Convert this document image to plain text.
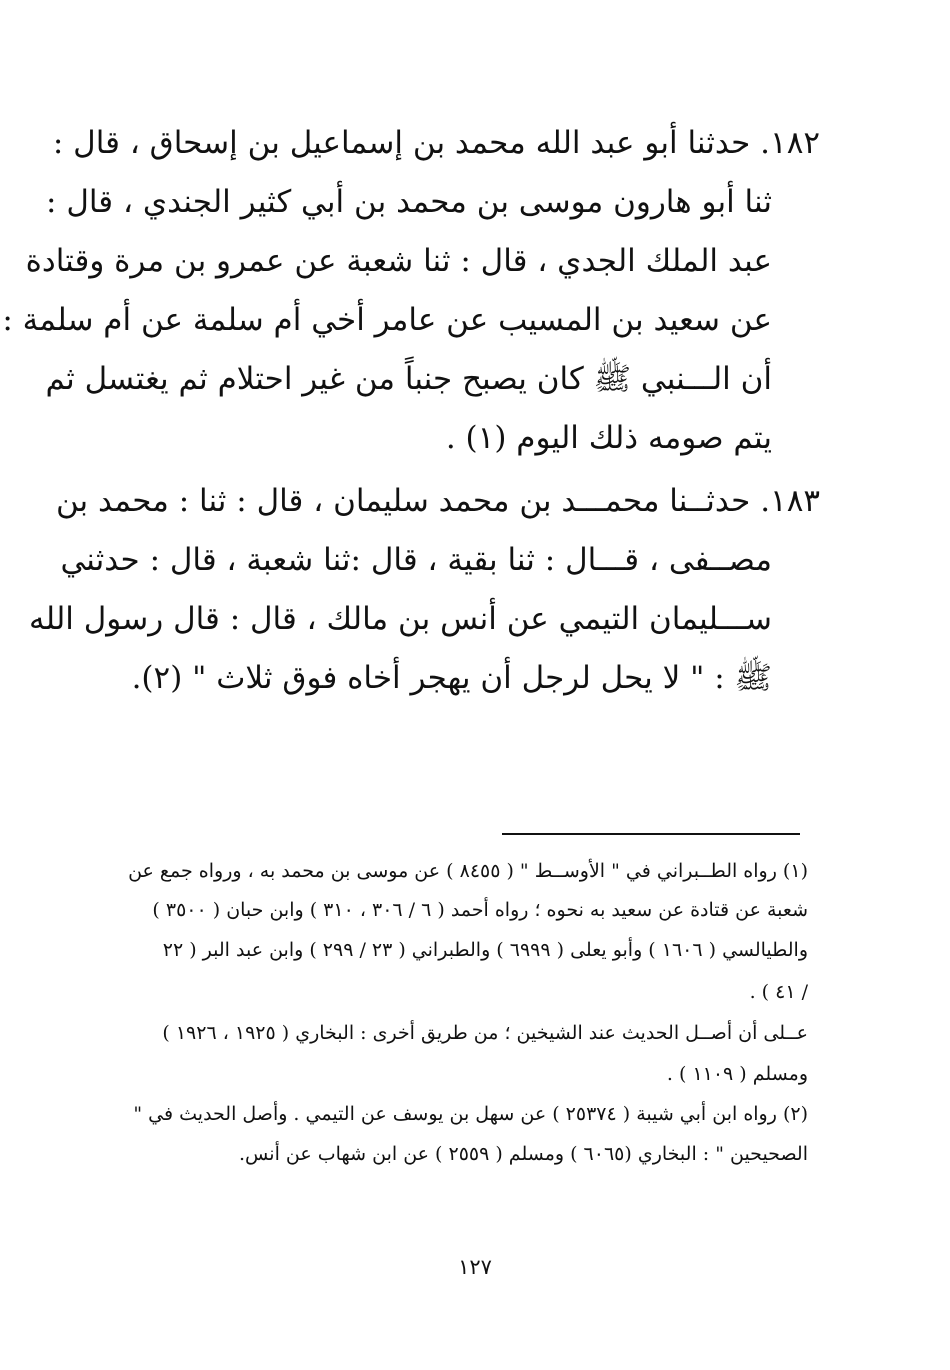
١٨٢. حدثنا أبو عبد الله محمد بن إسماعيل بن إسحاق ، قال :
ثنا أبو هارون موسى بن محمد بن أبي كثير الجندي ، قال :
عبد الملك الجدي ، قال : ثنا شعبة عن عمرو بن مرة وقتادة
عن سعيد بن المسيب عن عامر أخي أم سلمة عن أم سلمة :
أن الـــنبي ﷺ كان يصبح جنباً من غير احتلام ثم يغتسل ثم
يتم صومه ذلك اليوم (١) .
١٨٣. حدثــنا محمـــد بن محمد سليمان ، قال : ثنا : محمد بن
مصــفى ، قـــال : ثنا بقية ، قال :ثنا شعبة ، قال : حدثني
ســـليمان التيمي عن أنس بن مالك ، قال : قال رسول الله
ﷺ : " لا يحل لرجل أن يهجر أخاه فوق ثلاث " (٢).
(١) رواه الطــبراني في " الأوســط " ( ٨٤٥٥ ) عن موسى بن محمد به ، ورواه جمع عن
شعبة عن قتادة عن سعيد به نحوه ؛ رواه أحمد ( ٦ / ٣٠٦ ، ٣١٠ ) وابن حبان ( ٣٥٠٠ )
والطيالسي ( ١٦٠٦ ) وأبو يعلى ( ٦٩٩٩ ) والطبراني ( ٢٣ / ٢٩٩ ) وابن عبد البر ( ٢٢
/ ٤١ ) .
عــلى أن أصــل الحديث عند الشيخين ؛ من طريق أخرى : البخاري ( ١٩٢٥ ، ١٩٢٦ )
ومسلم ( ١١٠٩ ) .
(٢) رواه ابن أبي شيبة ( ٢٥٣٧٤ ) عن سهل بن يوسف عن التيمي . وأصل الحديث في "
الصحيحين " : البخاري (٦٠٦٥ ) ومسلم ( ٢٥٥٩ ) عن ابن شهاب عن أنس.
١٢٧
